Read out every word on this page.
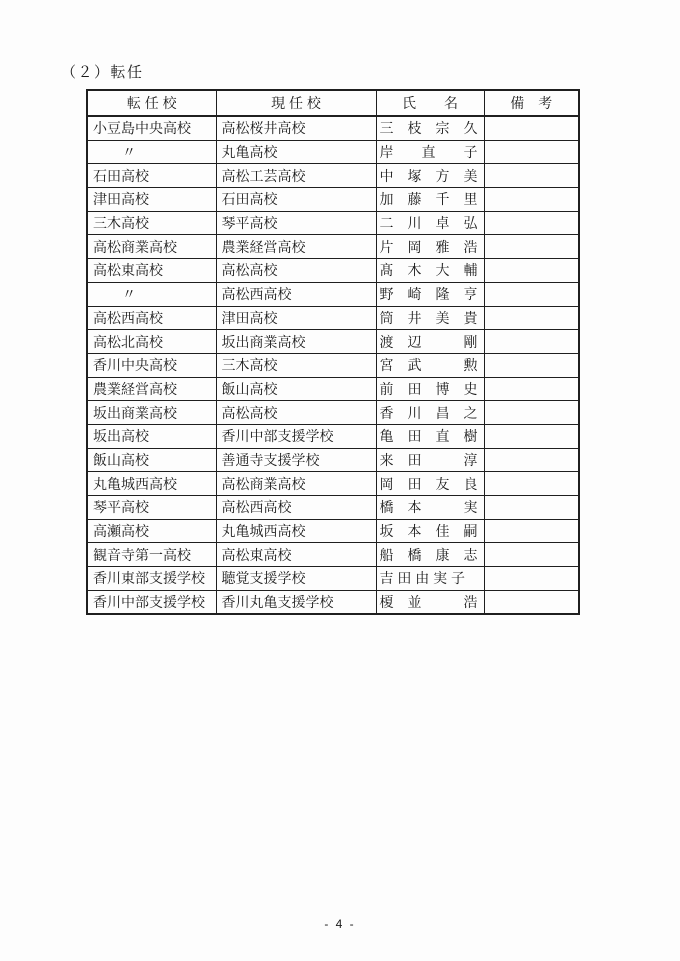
（２）転任
転 任 校	現 任 校	氏　　名	備　考
小豆島中央高校	高松桜井高校	三　枝　宗　久	
〃	丸亀高校	岸　　直　　子	
石田高校	高松工芸高校	中　塚　方　美	
津田高校	石田高校	加　藤　千　里	
三木高校	琴平高校	二　川　卓　弘	
高松商業高校	農業経営高校	片　岡　雅　浩	
高松東高校	高松高校	髙　木　大　輔	
〃	高松西高校	野　崎　隆　亨	
高松西高校	津田高校	筒　井　美　貴	
高松北高校	坂出商業高校	渡　辺　　　剛	
香川中央高校	三木高校	宮　武　　　勲	
農業経営高校	飯山高校	前　田　博　史	
坂出商業高校	高松高校	香　川　昌　之	
坂出高校	香川中部支援学校	亀　田　直　樹	
飯山高校	善通寺支援学校	来　田　　　淳	
丸亀城西高校	高松商業高校	岡　田　友　良	
琴平高校	高松西高校	橋　本　　　実	
高瀬高校	丸亀城西高校	坂　本　佳　嗣	
観音寺第一高校	高松東高校	船　橋　康　志	
香川東部支援学校	聴覚支援学校	吉 田 由 実 子	
香川中部支援学校	香川丸亀支援学校	榎　並　　　浩	
- 4 -
